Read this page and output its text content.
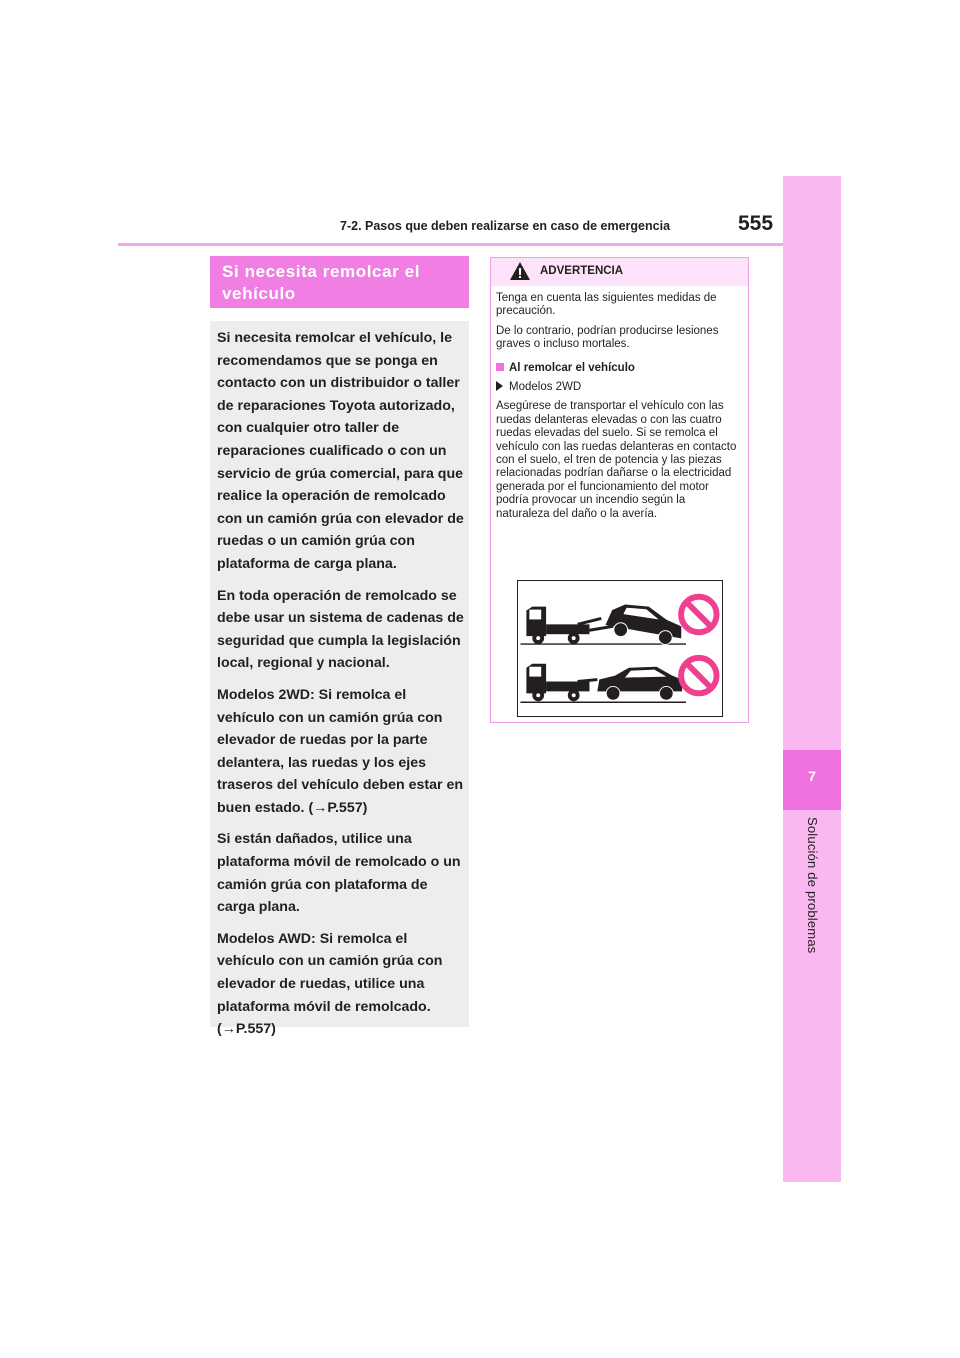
7
Solución de problemas
7-2. Pasos que deben realizarse en caso de emergencia	555
Si necesita remolcar el vehículo

Si necesita remolcar el vehículo, le recomendamos que se ponga en contacto con un distribuidor o taller de reparaciones Toyota autorizado, con cualquier otro taller de reparaciones cualificado o con un servicio de grúa comercial, para que realice la operación de remolcado con un camión grúa con elevador de ruedas o un camión grúa con plataforma de carga plana.

En toda operación de remolcado se debe usar un sistema de cadenas de seguridad que cumpla la legislación local, regional y nacional.

Modelos 2WD: Si remolca el vehículo con un camión grúa con elevador de ruedas por la parte delantera, las ruedas y los ejes traseros del vehículo deben estar en buen estado. (→P.557)

Si están dañados, utilice una plataforma móvil de remolcado o un camión grúa con plataforma de carga plana.

Modelos AWD: Si remolca el vehículo con un camión grúa con elevador de ruedas, utilice una plataforma móvil de remolcado. (→P.557)

ADVERTENCIA

Tenga en cuenta las siguientes medidas de precaución.

De lo contrario, podrían producirse lesiones graves o incluso mortales.

Al remolcar el vehículo

Modelos 2WD

Asegúrese de transportar el vehículo con las ruedas delanteras elevadas o con las cuatro ruedas elevadas del suelo. Si se remolca el vehículo con las ruedas delanteras en contacto con el suelo, el tren de potencia y las piezas relacionadas podrían dañarse o la electricidad generada por el funcionamiento del motor podría provocar un incendio según la naturaleza del daño o la avería.
